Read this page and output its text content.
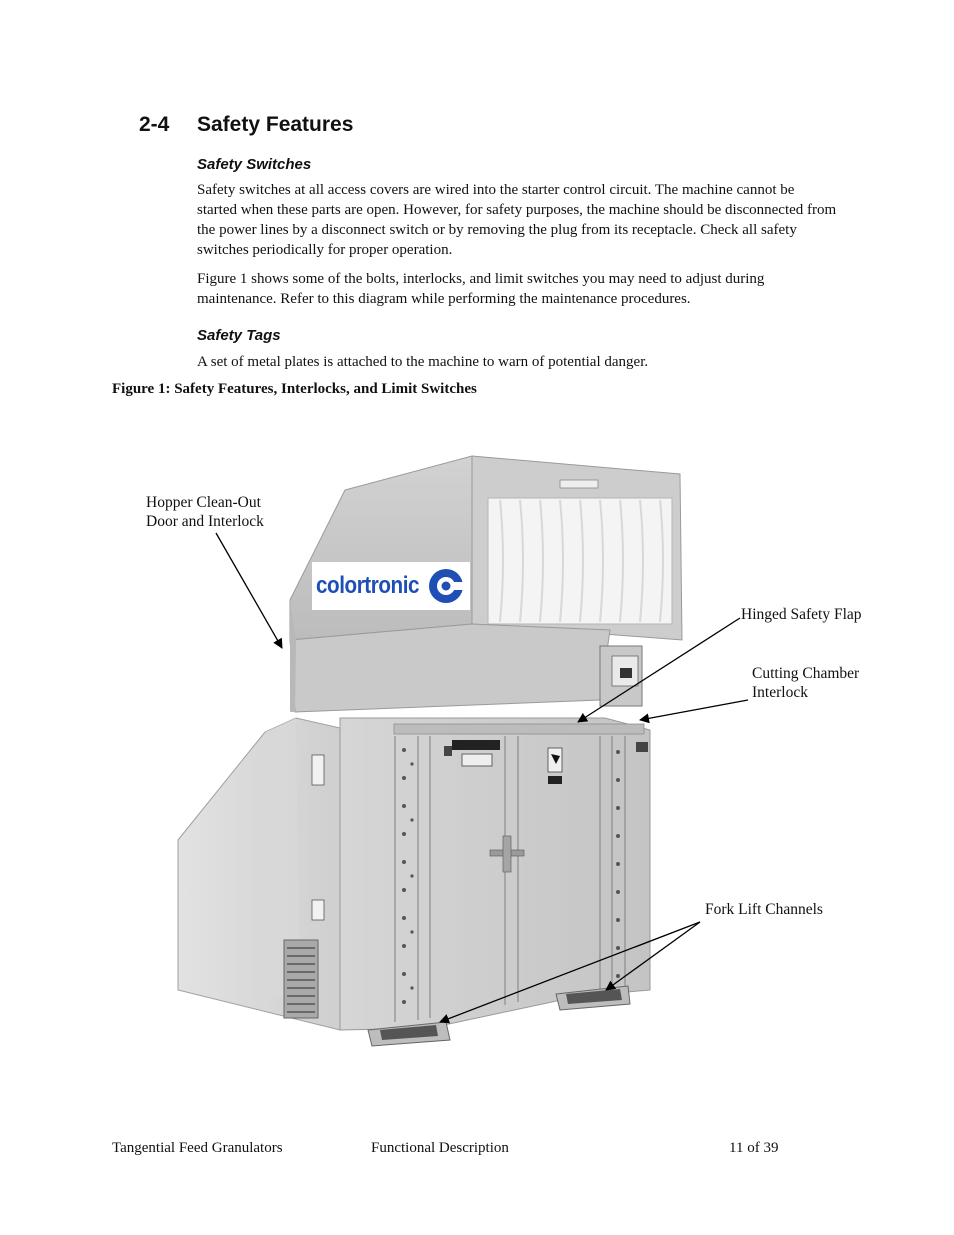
2-4 Safety Features
Safety Switches
Safety switches at all access covers are wired into the starter control circuit. The machine cannot be started when these parts are open. However, for safety purposes, the machine should be disconnected from the power lines by a disconnect switch or by removing the plug from its receptacle. Check all safety switches periodically for proper operation.
Figure 1 shows some of the bolts, interlocks, and limit switches you may need to adjust during maintenance. Refer to this diagram while performing the maintenance procedures.
Safety Tags
A set of metal plates is attached to the machine to warn of potential danger.
Figure 1: Safety Features, Interlocks, and Limit Switches
colortronic
Hopper Clean-Out
Door and Interlock
Hinged Safety Flap
Cutting Chamber
Interlock
Fork Lift Channels
Tangential Feed Granulators	Functional Description	11 of 39
